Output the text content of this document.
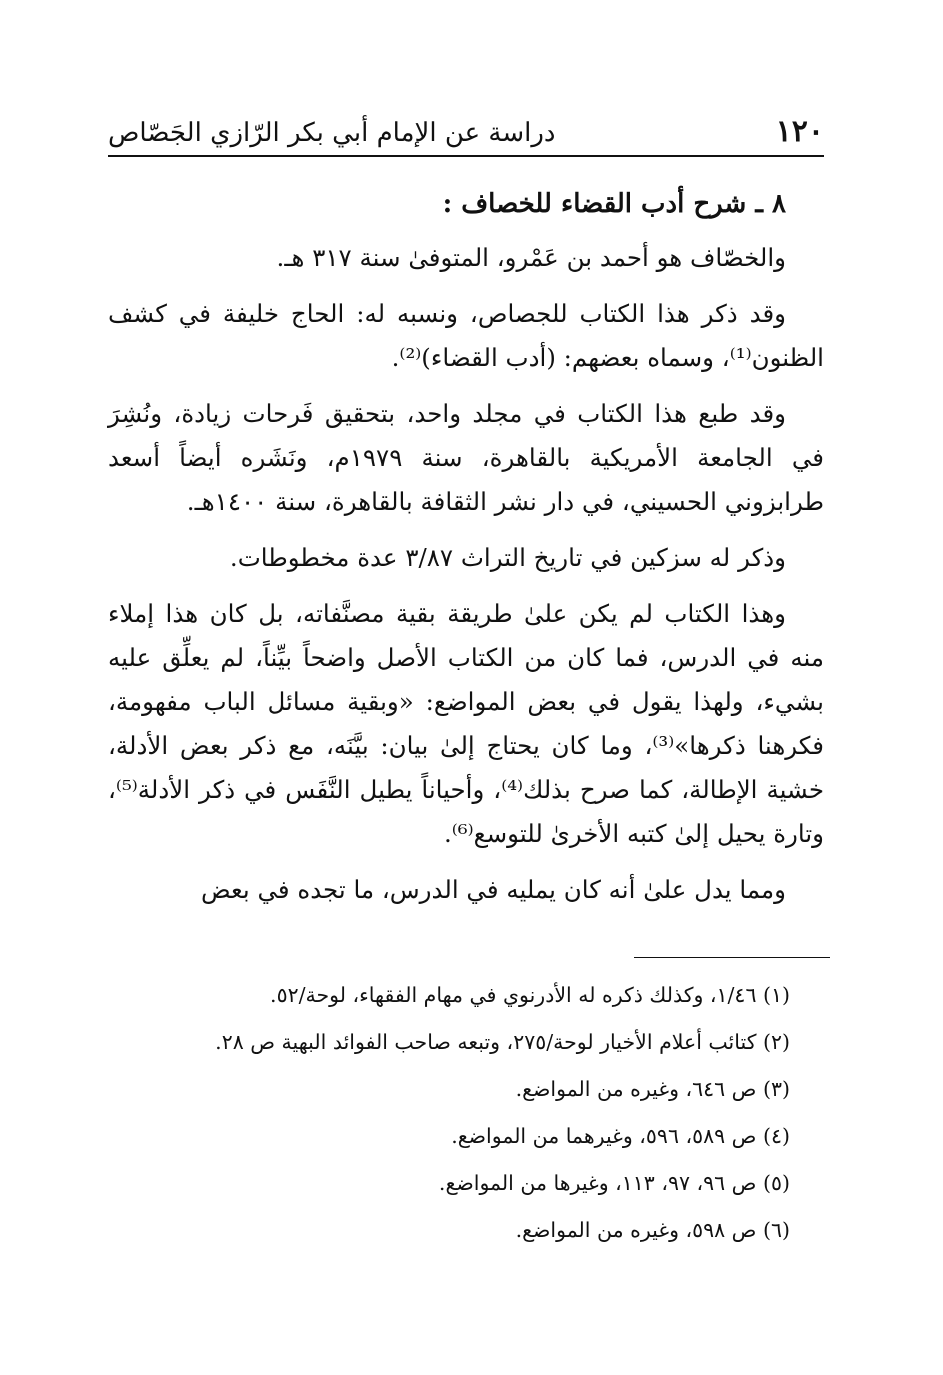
١٢٠
دراسة عن الإمام أبي بكر الرّازي الجَصّاص
٨ ـ شرح أدب القضاء للخصاف :

والخصّاف هو أحمد بن عَمْرو، المتوفىٰ سنة ٣١٧ هـ.

وقد ذكر هذا الكتاب للجصاص، ونسبه له: الحاج خليفة في كشف الظنون⁽¹⁾، وسماه بعضهم: (أدب القضاء)⁽²⁾.

وقد طبع هذا الكتاب في مجلد واحد، بتحقيق فَرحات زيادة، ونُشِرَ في الجامعة الأمريكية بالقاهرة، سنة ١٩٧٩م، ونَشَره أيضاً أسعد طرابزوني الحسيني، في دار نشر الثقافة بالقاهرة، سنة ١٤٠٠هـ.

وذكر له سزكين في تاريخ التراث ٣/٨٧ عدة مخطوطات.

وهذا الكتاب لم يكن علىٰ طريقة بقية مصنَّفاته، بل كان هذا إملاء منه في الدرس، فما كان من الكتاب الأصل واضحاً بيِّناً، لم يعلِّق عليه بشيء، ولهذا يقول في بعض المواضع: «وبقية مسائل الباب مفهومة، فكرهنا ذكرها»⁽³⁾، وما كان يحتاج إلىٰ بيان: بيَّنَه، مع ذكر بعض الأدلة، خشية الإطالة، كما صرح بذلك⁽⁴⁾، وأحياناً يطيل النَّفَس في ذكر الأدلة⁽⁵⁾، وتارة يحيل إلىٰ كتبه الأخرىٰ للتوسع⁽⁶⁾.

ومما يدل علىٰ أنه كان يمليه في الدرس، ما تجده في بعض

(١) ١/٤٦، وكذلك ذكره له الأدرنوي في مهام الفقهاء، لوحة/٥٢.
(٢) كتائب أعلام الأخيار لوحة/٢٧٥، وتبعه صاحب الفوائد البهية ص ٢٨.
(٣) ص ٦٤٦، وغيره من المواضع.
(٤) ص ٥٨٩، ٥٩٦، وغيرهما من المواضع.
(٥) ص ٩٦، ٩٧، ١١٣، وغيرها من المواضع.
(٦) ص ٥٩٨، وغيره من المواضع.
